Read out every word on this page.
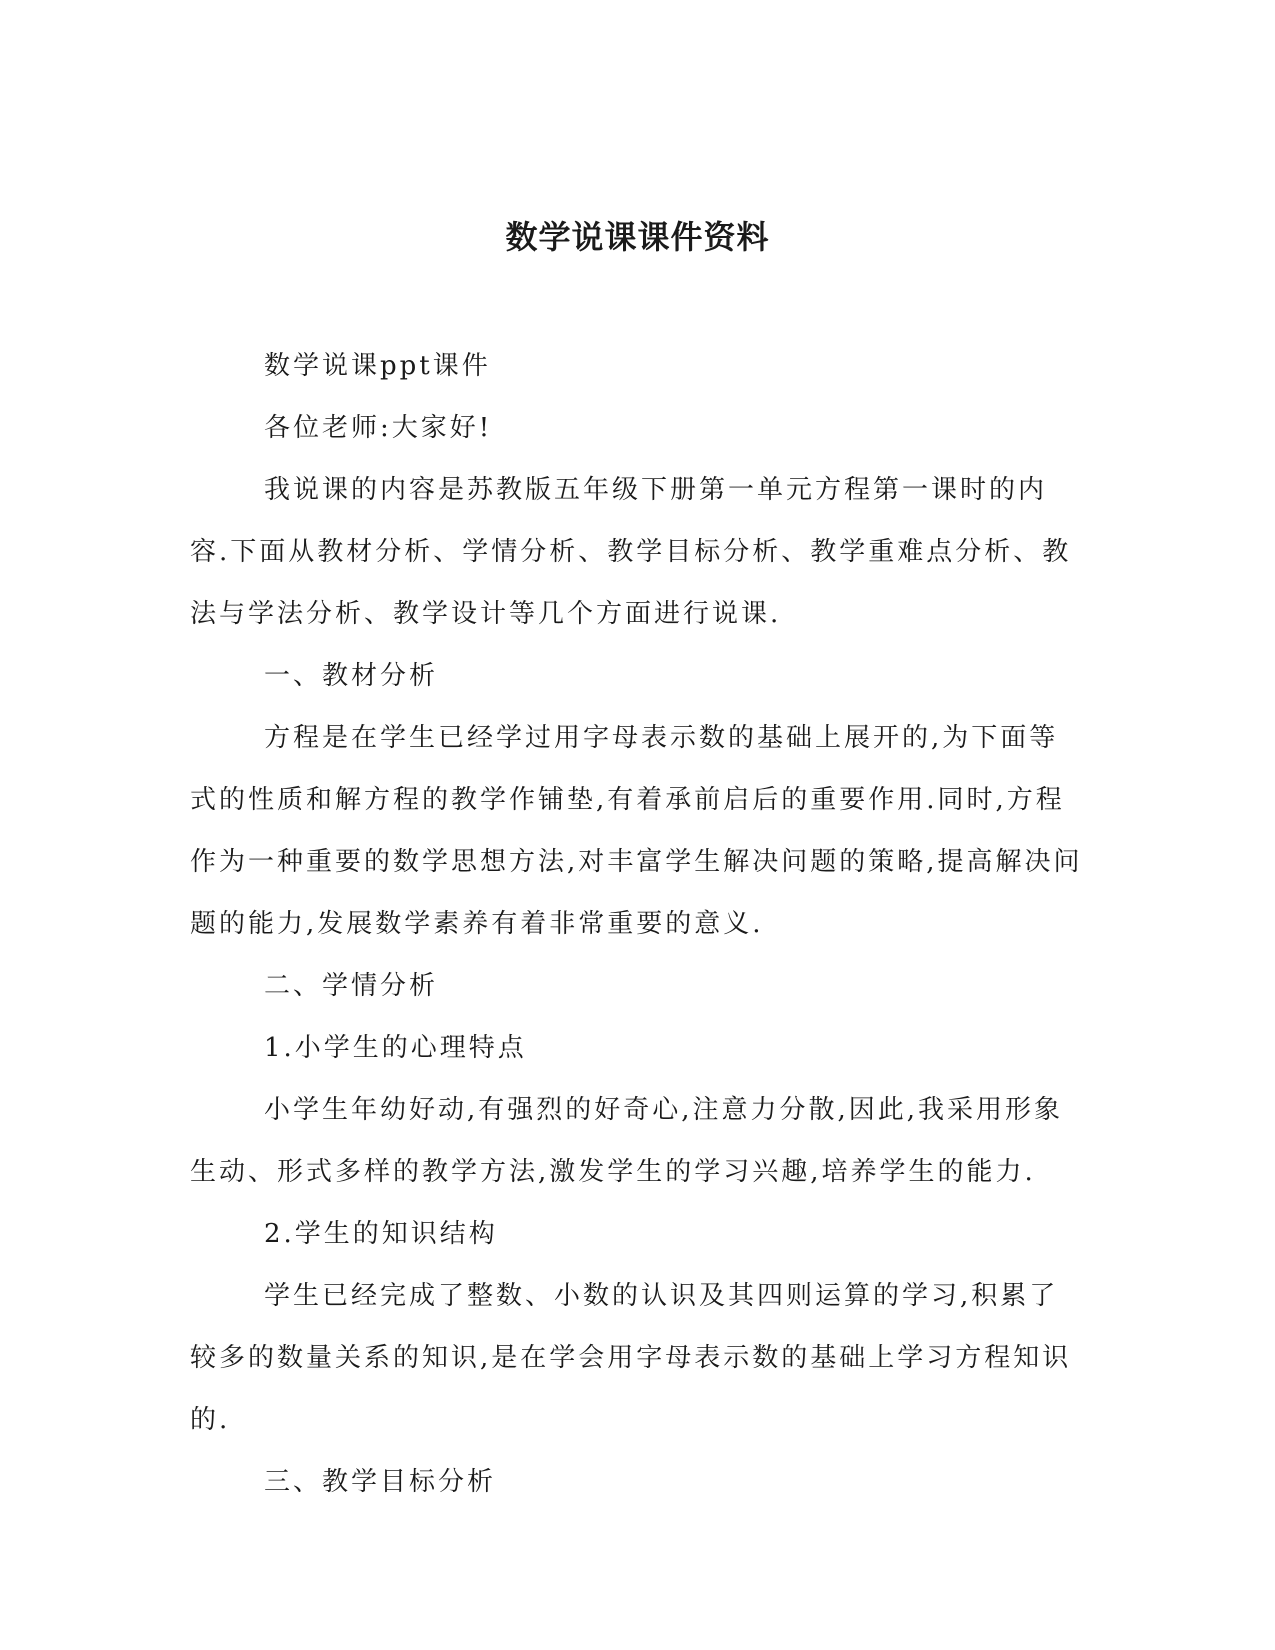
数学说课课件资料

数学说课ppt课件

各位老师:大家好!

我说课的内容是苏教版五年级下册第一单元方程第一课时的内容.下面从教材分析、学情分析、教学目标分析、教学重难点分析、教法与学法分析、教学设计等几个方面进行说课.

一、教材分析

方程是在学生已经学过用字母表示数的基础上展开的,为下面等式的性质和解方程的教学作铺垫,有着承前启后的重要作用.同时,方程作为一种重要的数学思想方法,对丰富学生解决问题的策略,提高解决问题的能力,发展数学素养有着非常重要的意义.

二、学情分析

1.小学生的心理特点

小学生年幼好动,有强烈的好奇心,注意力分散,因此,我采用形象生动、形式多样的教学方法,激发学生的学习兴趣,培养学生的能力.

2.学生的知识结构

学生已经完成了整数、小数的认识及其四则运算的学习,积累了较多的数量关系的知识,是在学会用字母表示数的基础上学习方程知识的.

三、教学目标分析
